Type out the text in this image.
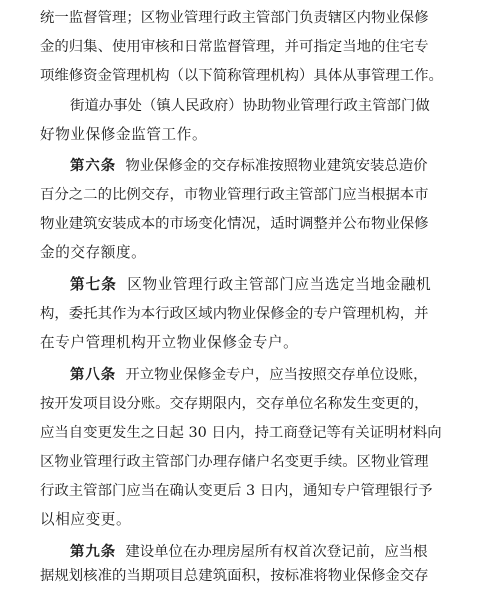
统一监督管理；区物业管理行政主管部门负责辖区内物业保修
金的归集、使用审核和日常监督管理，并可指定当地的住宅专
项维修资金管理机构（以下简称管理机构）具体从事管理工作。
街道办事处（镇人民政府）协助物业管理行政主管部门做
好物业保修金监管工作。
第六条 物业保修金的交存标准按照物业建筑安装总造价
百分之二的比例交存，市物业管理行政主管部门应当根据本市
物业建筑安装成本的市场变化情况，适时调整并公布物业保修
金的交存额度。
第七条 区物业管理行政主管部门应当选定当地金融机
构，委托其作为本行政区域内物业保修金的专户管理机构，并
在专户管理机构开立物业保修金专户。
第八条 开立物业保修金专户，应当按照交存单位设账，
按开发项目设分账。交存期限内，交存单位名称发生变更的，
应当自变更发生之日起 30 日内，持工商登记等有关证明材料向
区物业管理行政主管部门办理存储户名变更手续。区物业管理
行政主管部门应当在确认变更后 3 日内，通知专户管理银行予
以相应变更。
第九条 建设单位在办理房屋所有权首次登记前，应当根
据规划核准的当期项目总建筑面积，按标准将物业保修金交存
